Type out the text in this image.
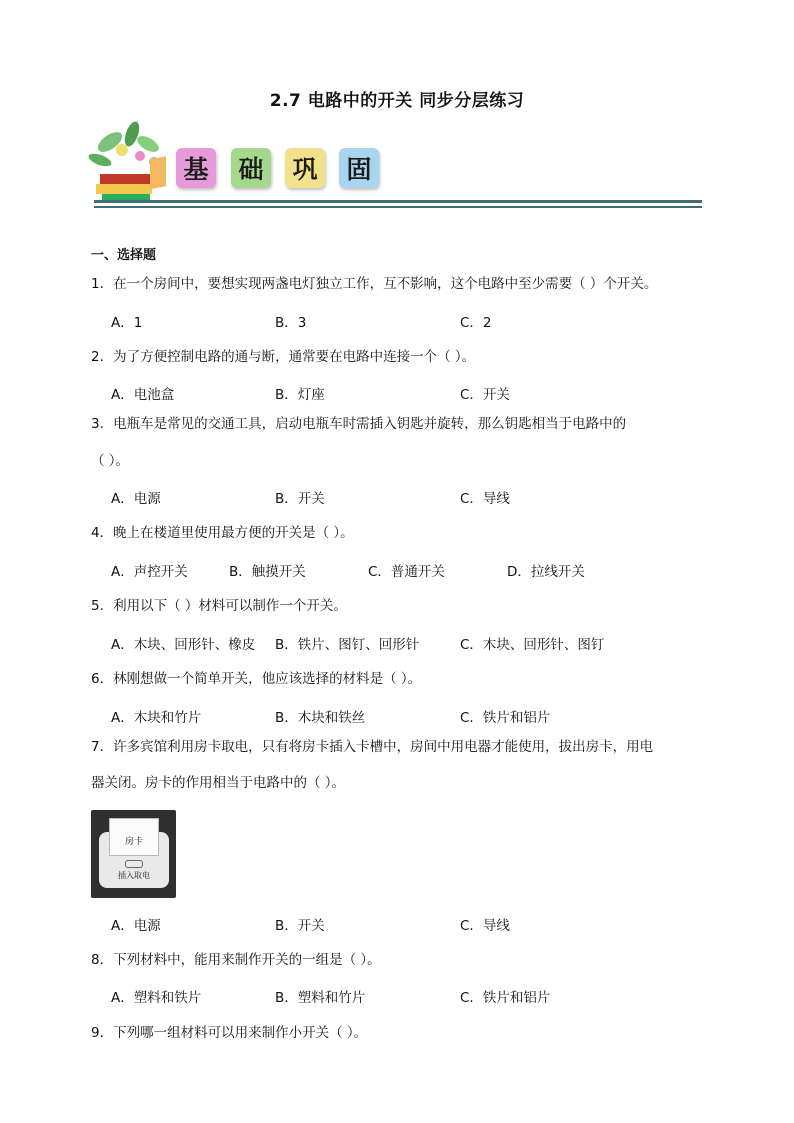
2.7 电路中的开关 同步分层练习
基	础	巩	固
一、选择题
1．在一个房间中，要想实现两盏电灯独立工作，互不影响，这个电路中至少需要（ ）个开关。
A．1	B．3	C．2
2．为了方便控制电路的通与断，通常要在电路中连接一个（ ）。
A．电池盒	B．灯座	C．开关
3．电瓶车是常见的交通工具，启动电瓶车时需插入钥匙并旋转，那么钥匙相当于电路中的
（ ）。
A．电源	B．开关	C．导线
4．晚上在楼道里使用最方便的开关是（ ）。
A．声控开关	B．触摸开关	C．普通开关	D．拉线开关
5．利用以下（ ）材料可以制作一个开关。
A．木块、回形针、橡皮 B．铁片、图钉、回形针	C．木块、回形针、图钉
6．林刚想做一个简单开关，他应该选择的材料是（ ）。
A．木块和竹片	B．木块和铁丝	C．铁片和铝片
7．许多宾馆利用房卡取电，只有将房卡插入卡槽中，房间中用电器才能使用，拔出房卡，用电
器关闭。房卡的作用相当于电路中的（ ）。
房卡
插入取电
A．电源	B．开关	C．导线
8．下列材料中，能用来制作开关的一组是（ ）。
A．塑料和铁片	B．塑料和竹片	C．铁片和铝片
9．下列哪一组材料可以用来制作小开关（ ）。
